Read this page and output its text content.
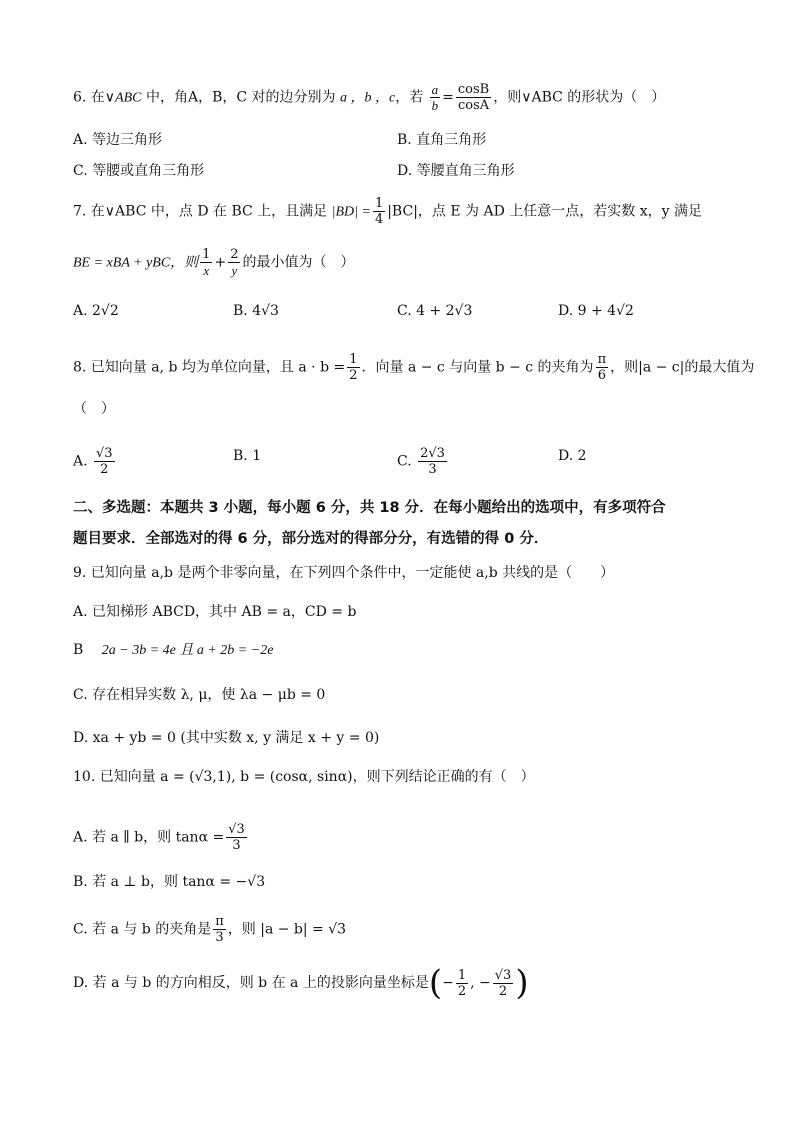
6. 在∨ABC 中，角A，B，C 对的边分别为 a ，b ，c，若 $\frac{a}{b} = \frac{\cos B}{\cos A}$ ，则∨ABC 的形状为（　）
A. 等边三角形	B. 直角三角形
C. 等腰或直角三角形	D. 等腰直角三角形
7. 在∨ABC 中，点 D 在 BC 上，且满足 $|BD| = \frac{1}{4} |BC|$，点 E 为 AD 上任意一点，若实数 x，y 满足
BE = xBA + yBC，则 $\frac{1}{x} + \frac{2}{y}$ 的最小值为（　）
A. 2√2	B. 4√3	C. 4 + 2√3	D. 9 + 4√2
8. 已知向量 a, b 均为单位向量，且 $a \cdot b = \frac{1}{2}$ ．向量 a − c 与向量 b − c 的夹角为 $\frac{\pi}{6}$ ，则|a − c|的最大值为
（　）
A. $\frac{√3}{2}$	B. 1	C. $\frac{2√3}{3}$	D. 2
二、多选题：本题共 3 小题，每小题 6 分，共 18 分．在每小题给出的选项中，有多项符合
题目要求．全部选对的得 6 分，部分选对的得部分分，有选错的得 0 分．
9. 已知向量 a,b 是两个非零向量，在下列四个条件中，一定能使 a,b 共线的是（　　）
A. 已知梯形 ABCD，其中 AB = a，CD = b
B 2a − 3b = 4e 且 a + 2b = −2e
C. 存在相异实数 λ, μ，使 λa − μb = 0
D. xa + yb = 0 (其中实数 x, y 满足 x + y = 0)
10. 已知向量 a = (√3,1), b = (cosα, sinα)，则下列结论正确的有（　）
A. 若 a ∥ b，则 $\tan\alpha = \frac{√3}{3}$
B. 若 a ⊥ b，则 tanα = −√3
C. 若 a 与 b 的夹角是 $\frac{\pi}{3}$ ，则 |a − b| = √3
D. 若 a 与 b 的方向相反，则 b 在 a 上的投影向量坐标是(− $\frac{1}{2}$ , − $\frac{√3}{2}$ )
